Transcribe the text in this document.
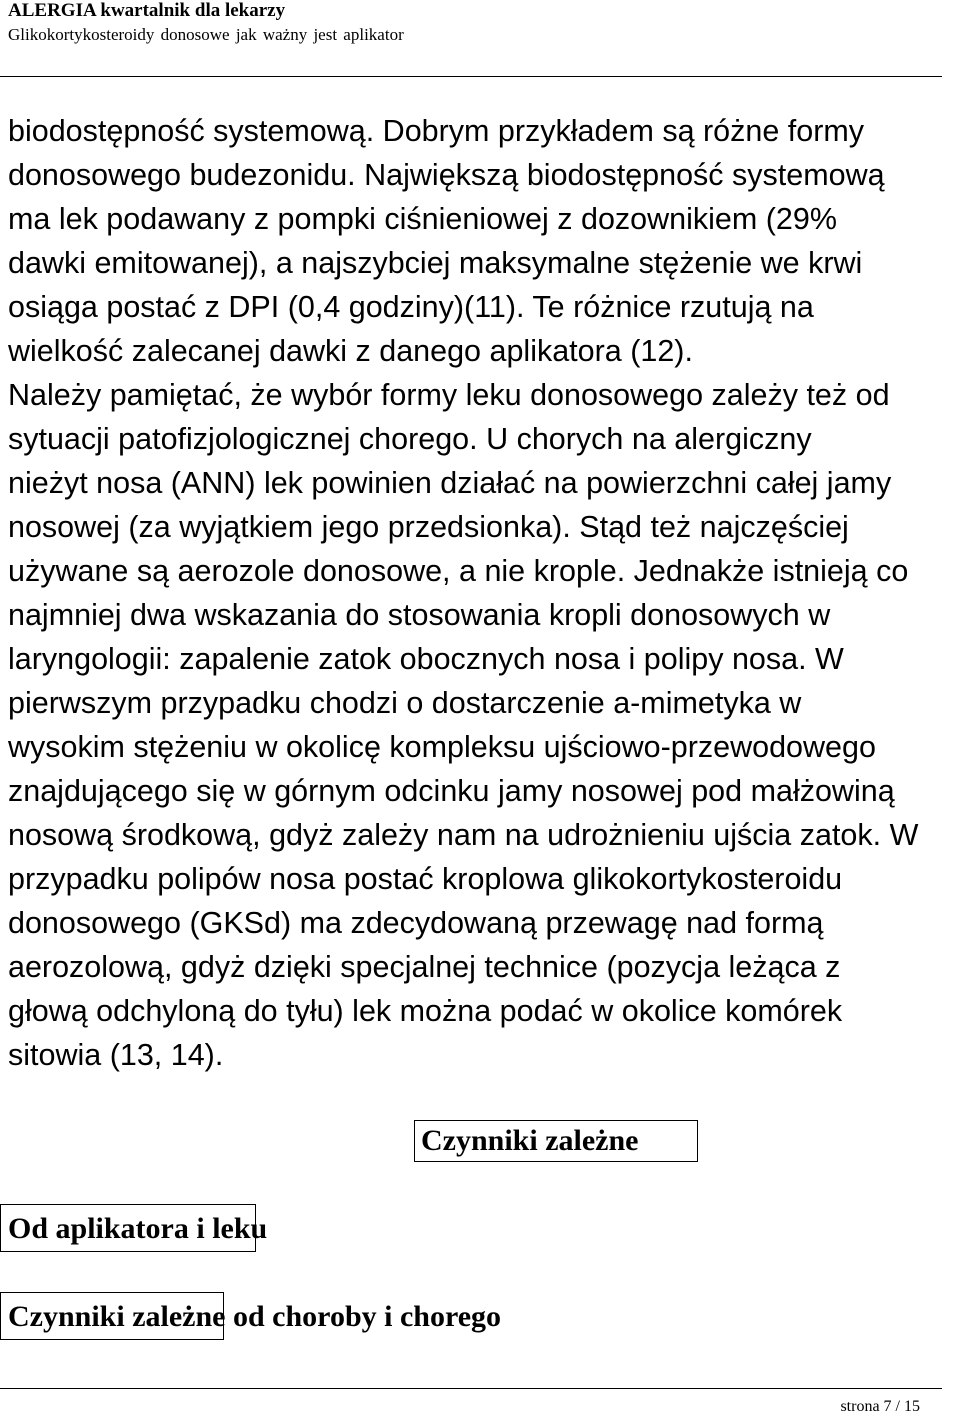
ALERGIA kwartalnik dla lekarzy
Glikokortykosteroidy donosowe jak ważny jest aplikator

biodostępność systemową. Dobrym przykładem są różne formy
donosowego budezonidu. Największą biodostępność systemową
ma lek podawany z pompki ciśnieniowej z dozownikiem (29%
dawki emitowanej), a najszybciej maksymalne stężenie we krwi
osiąga postać z DPI (0,4 godziny)(11). Te różnice rzutują na
wielkość zalecanej dawki z danego aplikatora (12).
Należy pamiętać, że wybór formy leku donosowego zależy też od
sytuacji patofizjologicznej chorego. U chorych na alergiczny
nieżyt nosa (ANN) lek powinien działać na powierzchni całej jamy
nosowej (za wyjątkiem jego przedsionka). Stąd też najczęściej
używane są aerozole donosowe, a nie krople. Jednakże istnieją co
najmniej dwa wskazania do stosowania kropli donosowych w
laryngologii: zapalenie zatok obocznych nosa i polipy nosa. W
pierwszym przypadku chodzi o dostarczenie a-mimetyka w
wysokim stężeniu w okolicę kompleksu ujściowo-przewodowego
znajdującego się w górnym odcinku jamy nosowej pod małżowiną
nosową środkową, gdyż zależy nam na udrożnieniu ujścia zatok. W
przypadku polipów nosa postać kroplowa glikokortykosteroidu
donosowego (GKSd) ma zdecydowaną przewagę nad formą
aerozolową, gdyż dzięki specjalnej technice (pozycja leżąca z
głową odchyloną do tyłu) lek można podać w okolice komórek
sitowia (13, 14).

Czynniki zależne
Od aplikatora i leku
Czynniki zależne od choroby i chorego
strona 7 / 15
